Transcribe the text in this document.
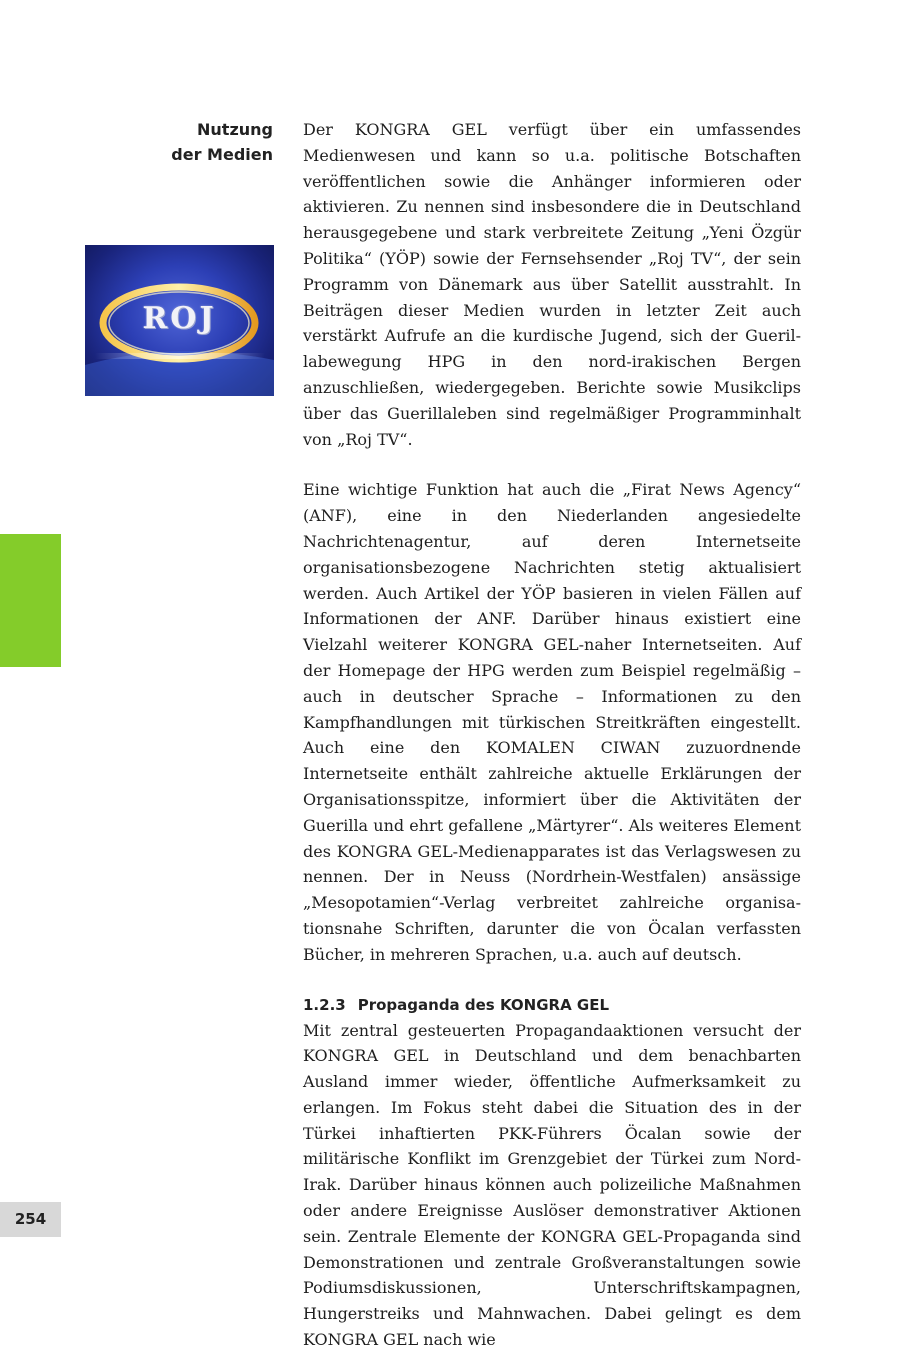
Nutzung
der Medien
ROJ

Der KONGRA GEL verfügt über ein umfassendes Medienwesen und kann so u.a. politische Botschaften veröffentlichen sowie die Anhänger informieren oder aktivieren. Zu nennen sind insbesondere die in Deutschland herausgegebene und stark verbreitete Zeitung „Yeni Özgür Politika“ (YÖP) sowie der Fernsehsender „Roj TV“, der sein Programm von Dänemark aus über Satellit ausstrahlt. In Beiträgen dieser Medien wurden in letzter Zeit auch verstärkt Aufrufe an die kurdische Jugend, sich der Guerillabewegung HPG in den nord-irakischen Bergen anzuschließen, wiedergegeben. Berichte sowie Musikclips über das Guerillaleben sind regelmäßiger Programminhalt von „Roj TV“.

Eine wichtige Funktion hat auch die „Firat News Agency“ (ANF), eine in den Niederlanden angesiedelte Nachrichtenagentur, auf deren Internetseite organisationsbezogene Nachrichten stetig aktualisiert werden. Auch Artikel der YÖP basieren in vielen Fällen auf Informationen der ANF. Darüber hinaus existiert eine Vielzahl weiterer KONGRA GEL-naher Internetseiten. Auf der Homepage der HPG werden zum Beispiel regelmäßig – auch in deutscher Sprache – Informationen zu den Kampfhandlungen mit türkischen Streitkräften eingestellt. Auch eine den KOMALEN CIWAN zuzuordnende Internetseite enthält zahlreiche aktuelle Erklärungen der Organisationsspitze, informiert über die Aktivitäten der Guerilla und ehrt gefallene „Märtyrer“. Als weiteres Element des KONGRA GEL-Medienapparates ist das Verlagswesen zu nennen. Der in Neuss (Nordrhein-Westfalen) ansässige „Mesopotamien“-Verlag verbreitet zahlreiche organisationsnahe Schriften, darunter die von Öcalan verfassten Bücher, in mehreren Sprachen, u.a. auch auf deutsch.

1.2.3 Propaganda des KONGRA GEL

Mit zentral gesteuerten Propagandaaktionen versucht der KONGRA GEL in Deutschland und dem benachbarten Ausland immer wieder, öffentliche Aufmerksamkeit zu erlangen. Im Fokus steht dabei die Situation des in der Türkei inhaftierten PKK-Führers Öcalan sowie der militärische Konflikt im Grenzgebiet der Türkei zum Nord-Irak. Darüber hinaus können auch polizeiliche Maßnahmen oder andere Ereignisse Auslöser demonstrativer Aktionen sein. Zentrale Elemente der KONGRA GEL-Propaganda sind Demonstrationen und zentrale Großveranstaltungen sowie Podiumsdiskussionen, Unterschriftskampagnen, Hungerstreiks und Mahnwachen. Dabei gelingt es dem KONGRA GEL nach wie

254
